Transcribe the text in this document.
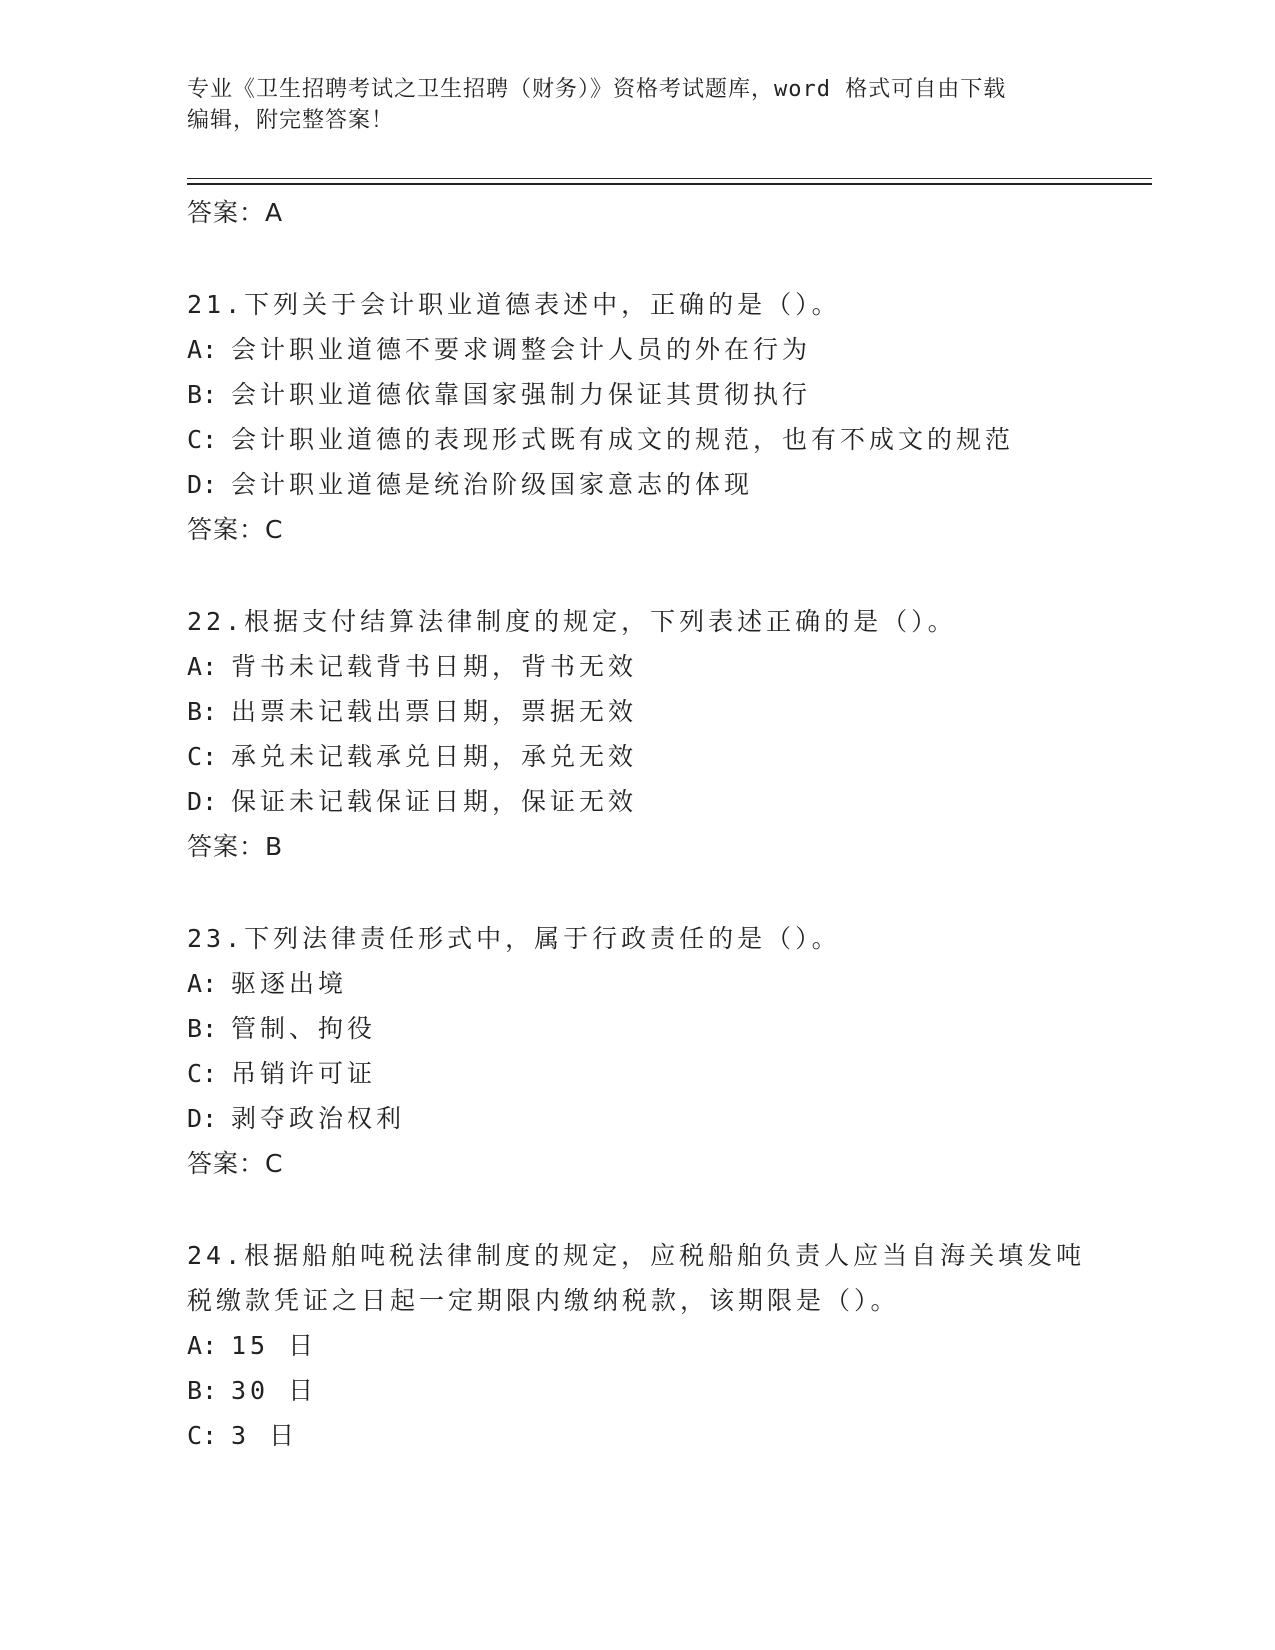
专业《卫生招聘考试之卫生招聘（财务）》资格考试题库，word 格式可自由下载
编辑，附完整答案！
答案：A
21.下列关于会计职业道德表述中，正确的是（）。
A: 会计职业道德不要求调整会计人员的外在行为
B: 会计职业道德依靠国家强制力保证其贯彻执行
C: 会计职业道德的表现形式既有成文的规范，也有不成文的规范
D: 会计职业道德是统治阶级国家意志的体现
答案：C
22.根据支付结算法律制度的规定，下列表述正确的是（）。
A: 背书未记载背书日期，背书无效
B: 出票未记载出票日期，票据无效
C: 承兑未记载承兑日期，承兑无效
D: 保证未记载保证日期，保证无效
答案：B
23.下列法律责任形式中，属于行政责任的是（）。
A: 驱逐出境
B: 管制、拘役
C: 吊销许可证
D: 剥夺政治权利
答案：C
24.根据船舶吨税法律制度的规定，应税船舶负责人应当自海关填发吨
税缴款凭证之日起一定期限内缴纳税款，该期限是（）。
A: 15 日
B: 30 日
C: 3 日
